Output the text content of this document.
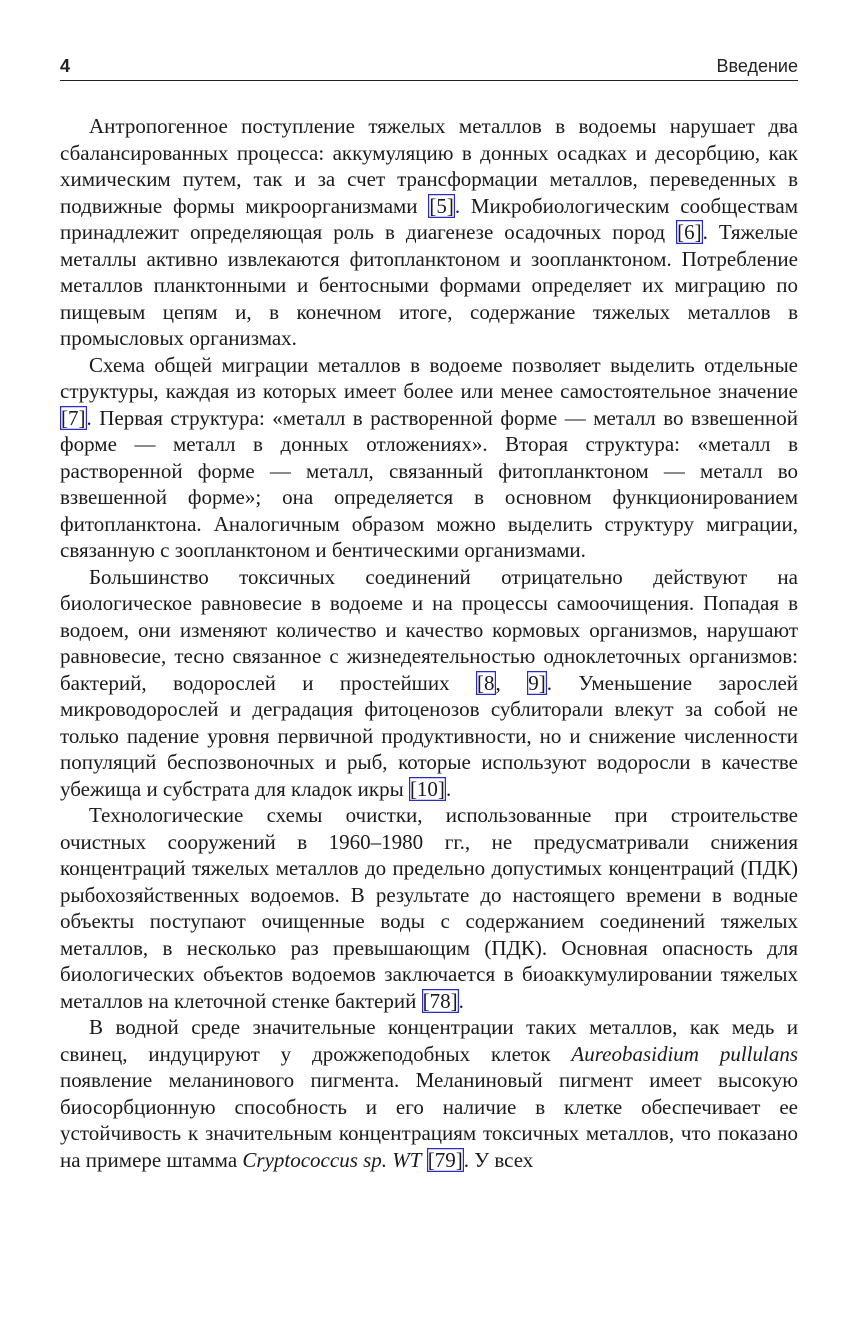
4	Введение

Антропогенное поступление тяжелых металлов в водоемы нарушает два сбалансированных процесса: аккумуляцию в донных осадках и десорбцию, как химическим путем, так и за счет трансформации металлов, переведенных в подвижные формы микроорганизмами [5]. Микробиологическим сообществам принадлежит определяющая роль в диагенезе осадочных пород [6]. Тяжелые металлы активно извлекаются фитопланктоном и зоопланктоном. Потребление металлов планктонными и бентосными формами определяет их миграцию по пищевым цепям и, в конечном итоге, содержание тяжелых металлов в промысловых организмах.

Схема общей миграции металлов в водоеме позволяет выделить отдельные структуры, каждая из которых имеет более или менее самостоятельное значение [7]. Первая структура: «металл в растворенной форме — металл во взвешенной форме — металл в донных отложениях». Вторая структура: «металл в растворенной форме — металл, связанный фитопланктоном — металл во взвешенной форме»; она определяется в основном функционированием фитопланктона. Аналогичным образом можно выделить структуру миграции, связанную с зоопланктоном и бентическими организмами.

Большинство токсичных соединений отрицательно действуют на биологическое равновесие в водоеме и на процессы самоочищения. Попадая в водоем, они изменяют количество и качество кормовых организмов, нарушают равновесие, тесно связанное с жизнедеятельностью одноклеточных организмов: бактерий, водорослей и простейших [8, 9]. Уменьшение зарослей микроводорослей и деградация фитоценозов сублиторали влекут за собой не только падение уровня первичной продуктивности, но и снижение численности популяций беспозвоночных и рыб, которые используют водоросли в качестве убежища и субстрата для кладок икры [10].

Технологические схемы очистки, использованные при строительстве очистных сооружений в 1960–1980 гг., не предусматривали снижения концентраций тяжелых металлов до предельно допустимых концентраций (ПДК) рыбохозяйственных водоемов. В результате до настоящего времени в водные объекты поступают очищенные воды с содержанием соединений тяжелых металлов, в несколько раз превышающим (ПДК). Основная опасность для биологических объектов водоемов заключается в биоаккумулировании тяжелых металлов на клеточной стенке бактерий [78].

В водной среде значительные концентрации таких металлов, как медь и свинец, индуцируют у дрожжеподобных клеток Aureobasidium pullulans появление меланинового пигмента. Меланиновый пигмент имеет высокую биосорбционную способность и его наличие в клетке обеспечивает ее устойчивость к значительным концентрациям токсичных металлов, что показано на примере штамма Cryptococcus sp. WT [79]. У всех
